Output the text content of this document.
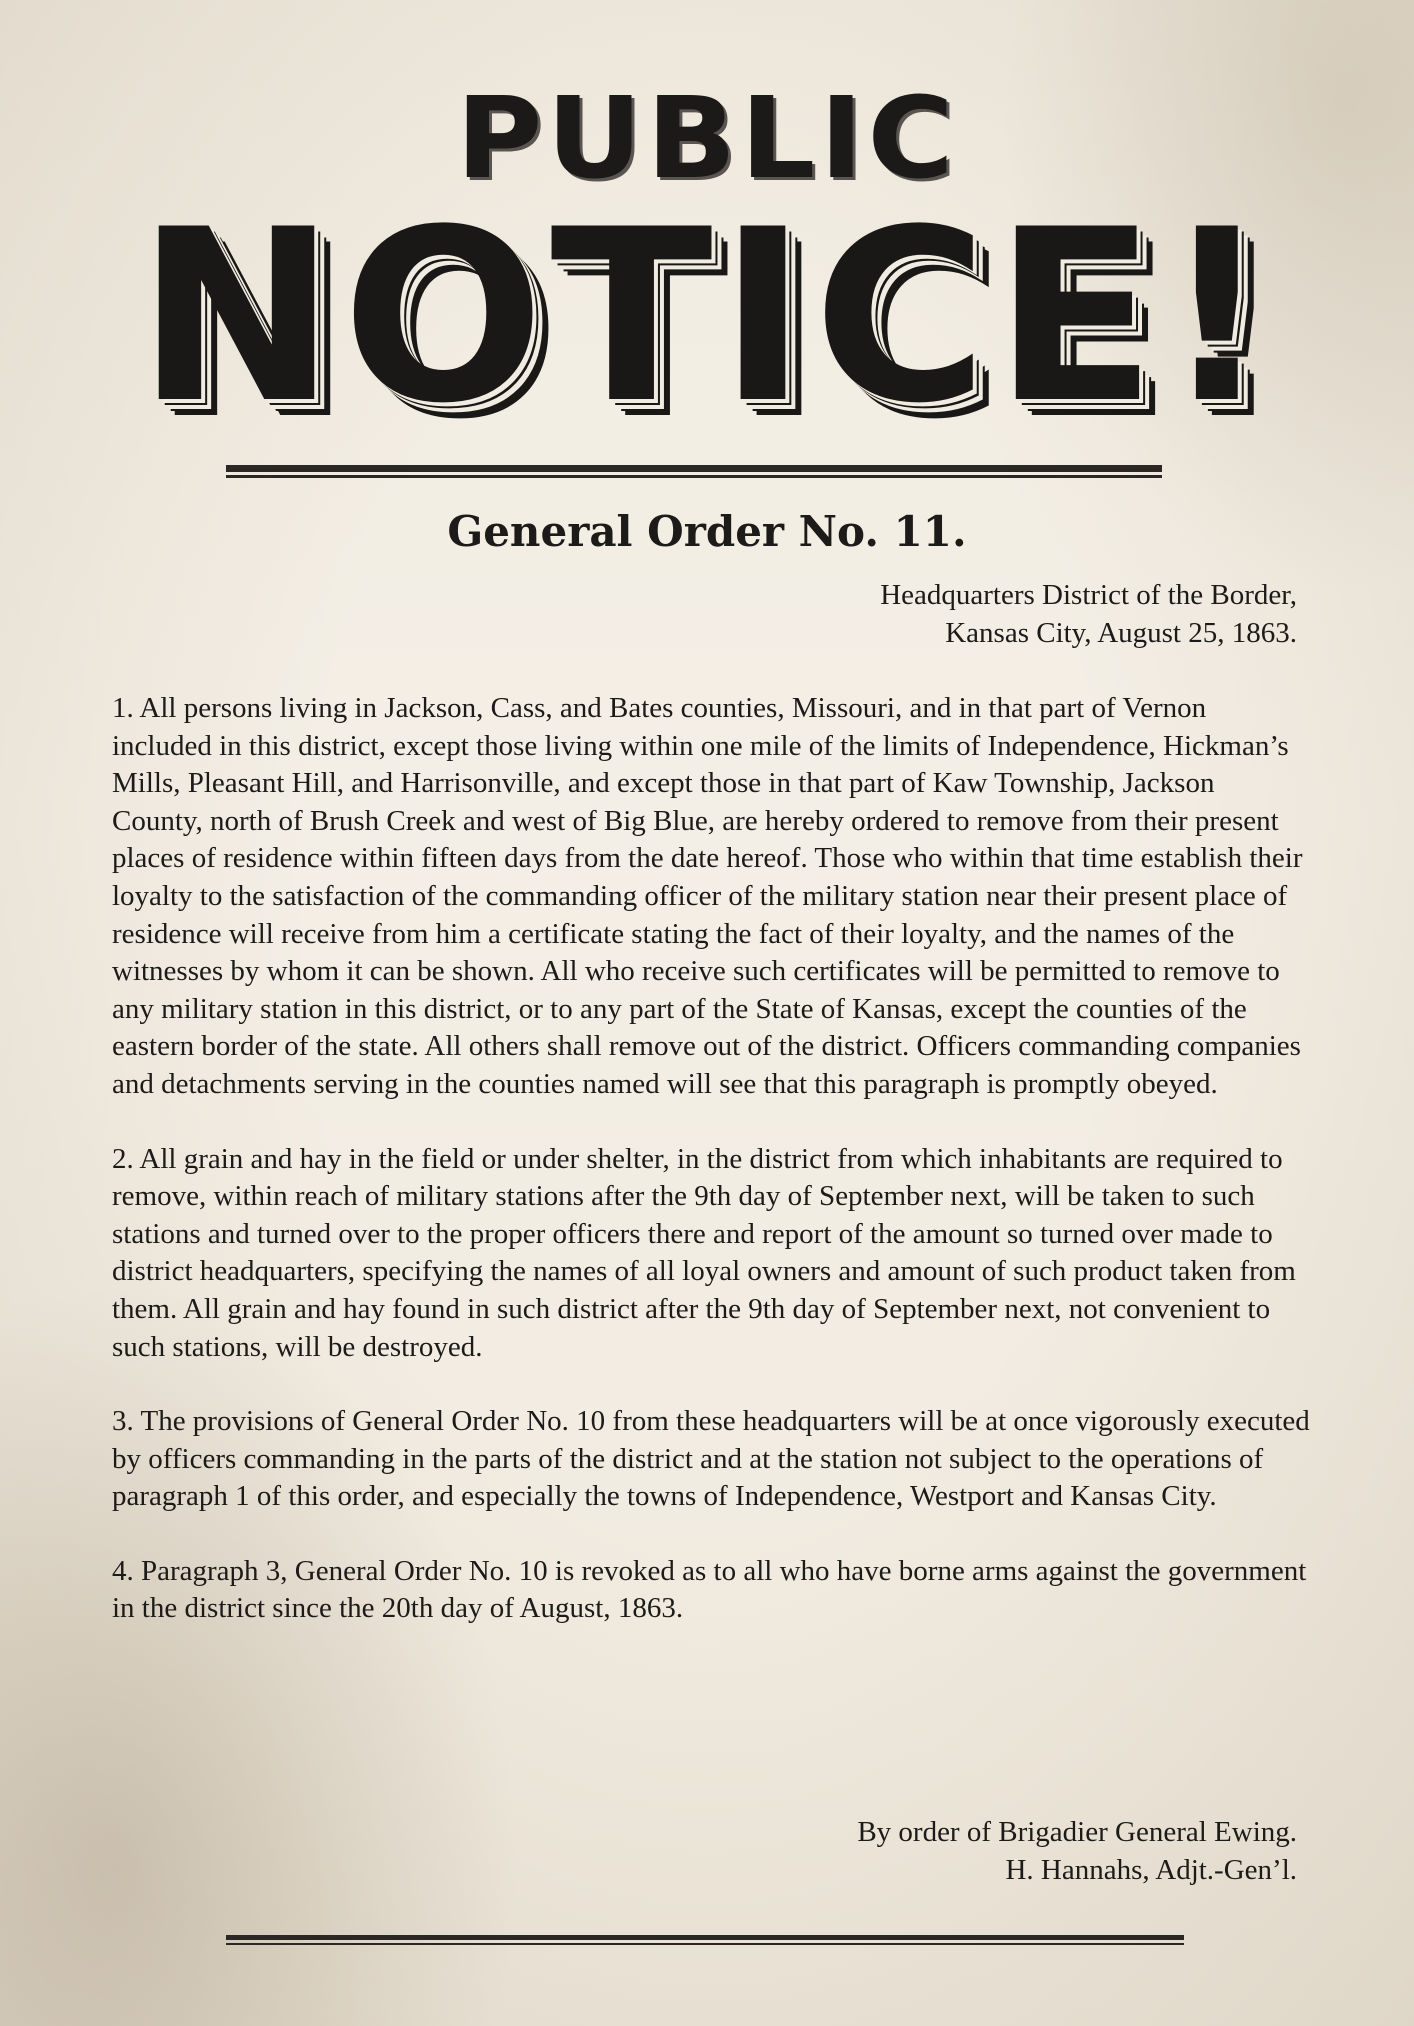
PUBLIC
NOTICE!
General Order No. 11.
Headquarters District of the Border,
Kansas City, August 25, 1863.

1. All persons living in Jackson, Cass, and Bates counties, Missouri, and in that part of Vernon included in this district, except those living within one mile of the limits of Independence, Hickman’s Mills, Pleasant Hill, and Harrisonville, and except those in that part of Kaw Township, Jackson County, north of Brush Creek and west of Big Blue, are hereby ordered to remove from their present places of residence within fifteen days from the date hereof. Those who within that time establish their loyalty to the satisfaction of the commanding officer of the military station near their present place of residence will receive from him a certificate stating the fact of their loyalty, and the names of the witnesses by whom it can be shown. All who receive such certificates will be permitted to remove to any military station in this district, or to any part of the State of Kansas, except the counties of the eastern border of the state. All others shall remove out of the district. Officers commanding companies and detachments serving in the counties named will see that this paragraph is promptly obeyed.

2. All grain and hay in the field or under shelter, in the district from which inhabitants are required to remove, within reach of military stations after the 9th day of September next, will be taken to such stations and turned over to the proper officers there and report of the amount so turned over made to district headquarters, specifying the names of all loyal owners and amount of such product taken from them. All grain and hay found in such district after the 9th day of September next, not convenient to such stations, will be destroyed.

3. The provisions of General Order No. 10 from these headquarters will be at once vigorously executed by officers commanding in the parts of the district and at the station not subject to the operations of paragraph 1 of this order, and especially the towns of Independence, Westport and Kansas City.

4. Paragraph 3, General Order No. 10 is revoked as to all who have borne arms against the government in the district since the 20th day of August, 1863.

By order of Brigadier General Ewing.
H. Hannahs, Adjt.-Gen’l.
